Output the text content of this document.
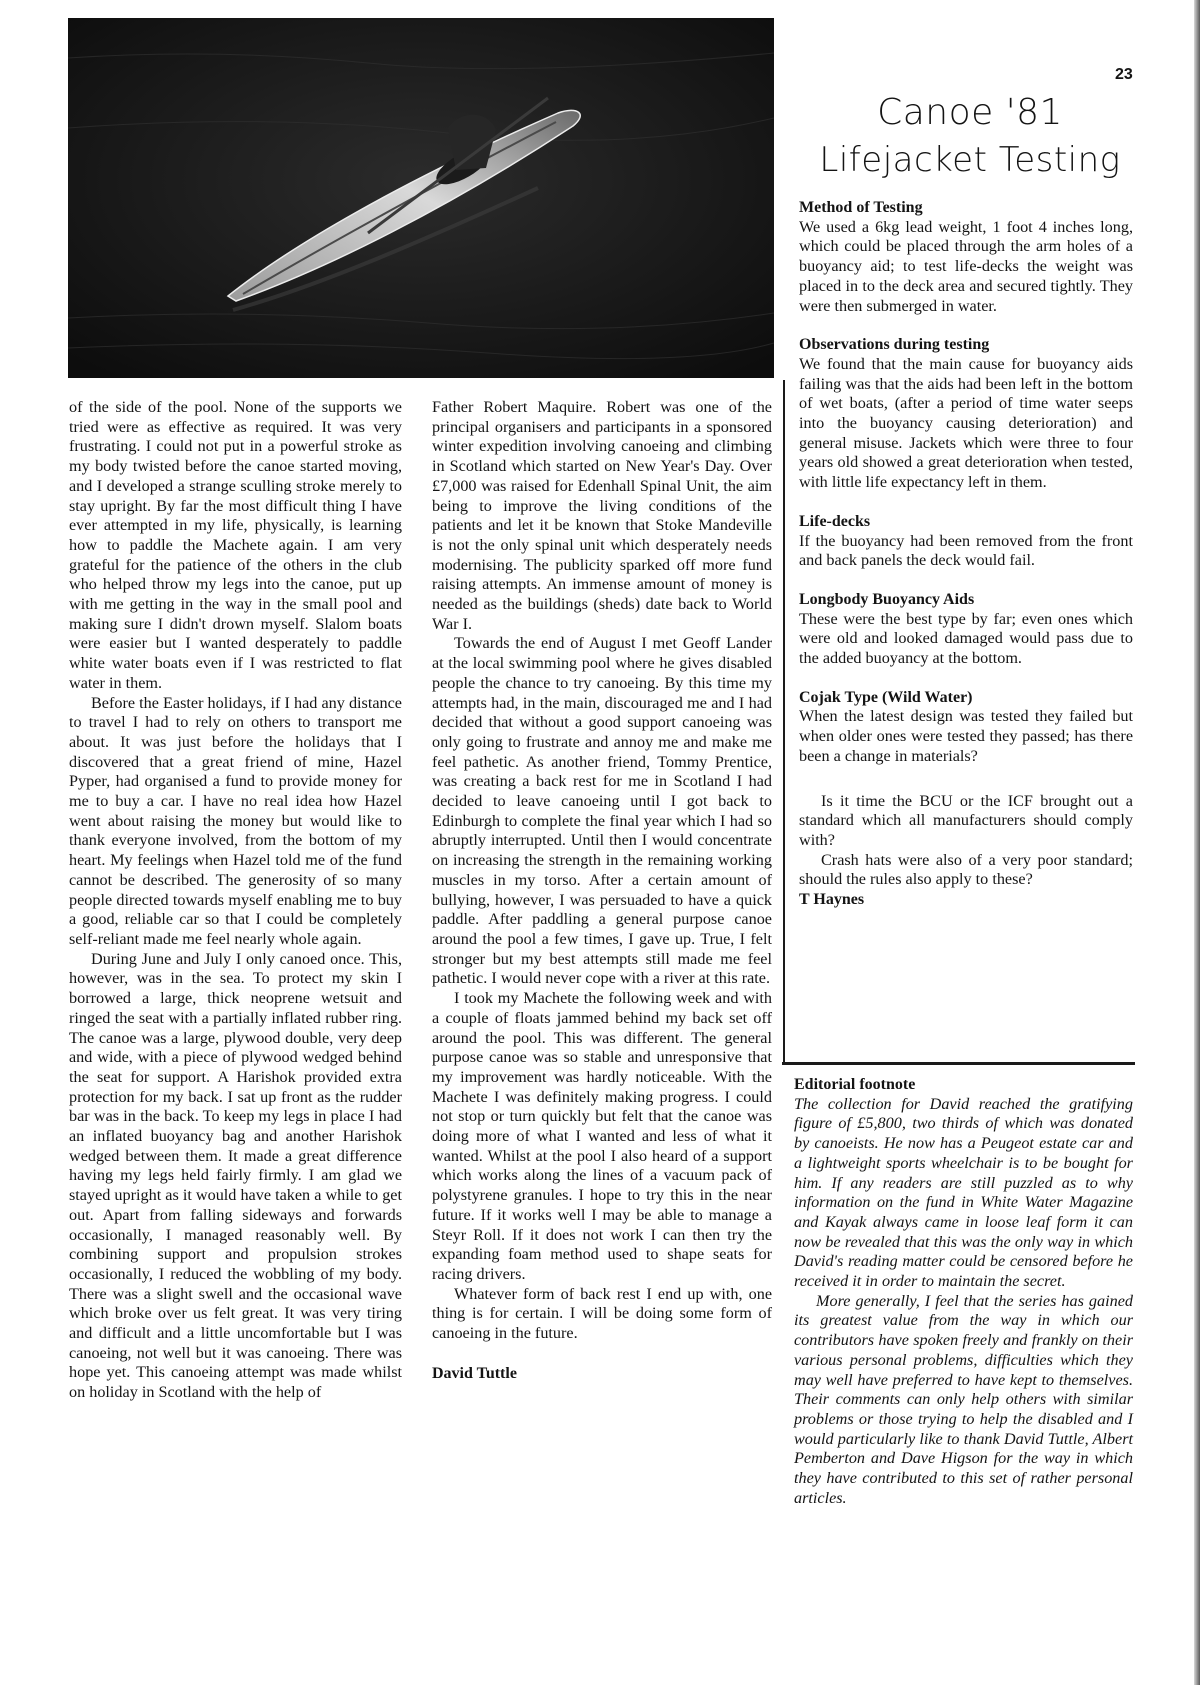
23
Canoe '81
Lifejacket Testing

of the side of the pool. None of the supports we tried were as effective as required. It was very frustrating. I could not put in a powerful stroke as my body twisted before the canoe started moving, and I developed a strange sculling stroke merely to stay upright. By far the most difficult thing I have ever attempted in my life, physically, is learning how to paddle the Machete again. I am very grateful for the patience of the others in the club who helped throw my legs into the canoe, put up with me getting in the way in the small pool and making sure I didn't drown myself. Slalom boats were easier but I wanted desperately to paddle white water boats even if I was restricted to flat water in them.

Before the Easter holidays, if I had any distance to travel I had to rely on others to transport me about. It was just before the holidays that I discovered that a great friend of mine, Hazel Pyper, had organised a fund to provide money for me to buy a car. I have no real idea how Hazel went about raising the money but would like to thank everyone involved, from the bottom of my heart. My feelings when Hazel told me of the fund cannot be described. The generosity of so many people directed towards myself enabling me to buy a good, reliable car so that I could be completely self-reliant made me feel nearly whole again.

During June and July I only canoed once. This, however, was in the sea. To protect my skin I borrowed a large, thick neoprene wetsuit and ringed the seat with a partially inflated rubber ring. The canoe was a large, plywood double, very deep and wide, with a piece of plywood wedged behind the seat for support. A Harishok provided extra protection for my back. I sat up front as the rudder bar was in the back. To keep my legs in place I had an inflated buoyancy bag and another Harishok wedged between them. It made a great difference having my legs held fairly firmly. I am glad we stayed upright as it would have taken a while to get out. Apart from falling sideways and forwards occasionally, I managed reasonably well. By combining support and propulsion strokes occasionally, I reduced the wobbling of my body. There was a slight swell and the occasional wave which broke over us felt great. It was very tiring and difficult and a little uncomfortable but I was canoeing, not well but it was canoeing. There was hope yet. This canoeing attempt was made whilst on holiday in Scotland with the help of

Father Robert Maquire. Robert was one of the principal organisers and participants in a sponsored winter expedition involving canoeing and climbing in Scotland which started on New Year's Day. Over £7,000 was raised for Edenhall Spinal Unit, the aim being to improve the living conditions of the patients and let it be known that Stoke Mandeville is not the only spinal unit which desperately needs modernising. The publicity sparked off more fund raising attempts. An immense amount of money is needed as the buildings (sheds) date back to World War I.

Towards the end of August I met Geoff Lander at the local swimming pool where he gives disabled people the chance to try canoeing. By this time my attempts had, in the main, discouraged me and I had decided that without a good support canoeing was only going to frustrate and annoy me and make me feel pathetic. As another friend, Tommy Prentice, was creating a back rest for me in Scotland I had decided to leave canoeing until I got back to Edinburgh to complete the final year which I had so abruptly interrupted. Until then I would concentrate on increasing the strength in the remaining working muscles in my torso. After a certain amount of bullying, however, I was persuaded to have a quick paddle. After paddling a general purpose canoe around the pool a few times, I gave up. True, I felt stronger but my best attempts still made me feel pathetic. I would never cope with a river at this rate.

I took my Machete the following week and with a couple of floats jammed behind my back set off around the pool. This was different. The general purpose canoe was so stable and unresponsive that my improvement was hardly noticeable. With the Machete I was definitely making progress. I could not stop or turn quickly but felt that the canoe was doing more of what I wanted and less of what it wanted. Whilst at the pool I also heard of a support which works along the lines of a vacuum pack of polystyrene granules. I hope to try this in the near future. If it works well I may be able to manage a Steyr Roll. If it does not work I can then try the expanding foam method used to shape seats for racing drivers.

Whatever form of back rest I end up with, one thing is for certain. I will be doing some form of canoeing in the future.

David Tuttle

Method of Testing

We used a 6kg lead weight, 1 foot 4 inches long, which could be placed through the arm holes of a buoyancy aid; to test life-decks the weight was placed in to the deck area and secured tightly. They were then submerged in water.

Observations during testing

We found that the main cause for buoyancy aids failing was that the aids had been left in the bottom of wet boats, (after a period of time water seeps into the buoyancy causing deterioration) and general misuse. Jackets which were three to four years old showed a great deterioration when tested, with little life expectancy left in them.

Life-decks

If the buoyancy had been removed from the front and back panels the deck would fail.

Longbody Buoyancy Aids

These were the best type by far; even ones which were old and looked damaged would pass due to the added buoyancy at the bottom.

Cojak Type (Wild Water)

When the latest design was tested they failed but when older ones were tested they passed; has there been a change in materials?

Is it time the BCU or the ICF brought out a standard which all manufacturers should comply with?

Crash hats were also of a very poor standard; should the rules also apply to these?

T Haynes
Editorial footnote

The collection for David reached the gratifying figure of £5,800, two thirds of which was donated by canoeists. He now has a Peugeot estate car and a lightweight sports wheelchair is to be bought for him. If any readers are still puzzled as to why information on the fund in White Water Magazine and Kayak always came in loose leaf form it can now be revealed that this was the only way in which David's reading matter could be censored before he received it in order to maintain the secret.

More generally, I feel that the series has gained its greatest value from the way in which our contributors have spoken freely and frankly on their various personal problems, difficulties which they may well have preferred to have kept to themselves. Their comments can only help others with similar problems or those trying to help the disabled and I would particularly like to thank David Tuttle, Albert Pemberton and Dave Higson for the way in which they have contributed to this set of rather personal articles.
